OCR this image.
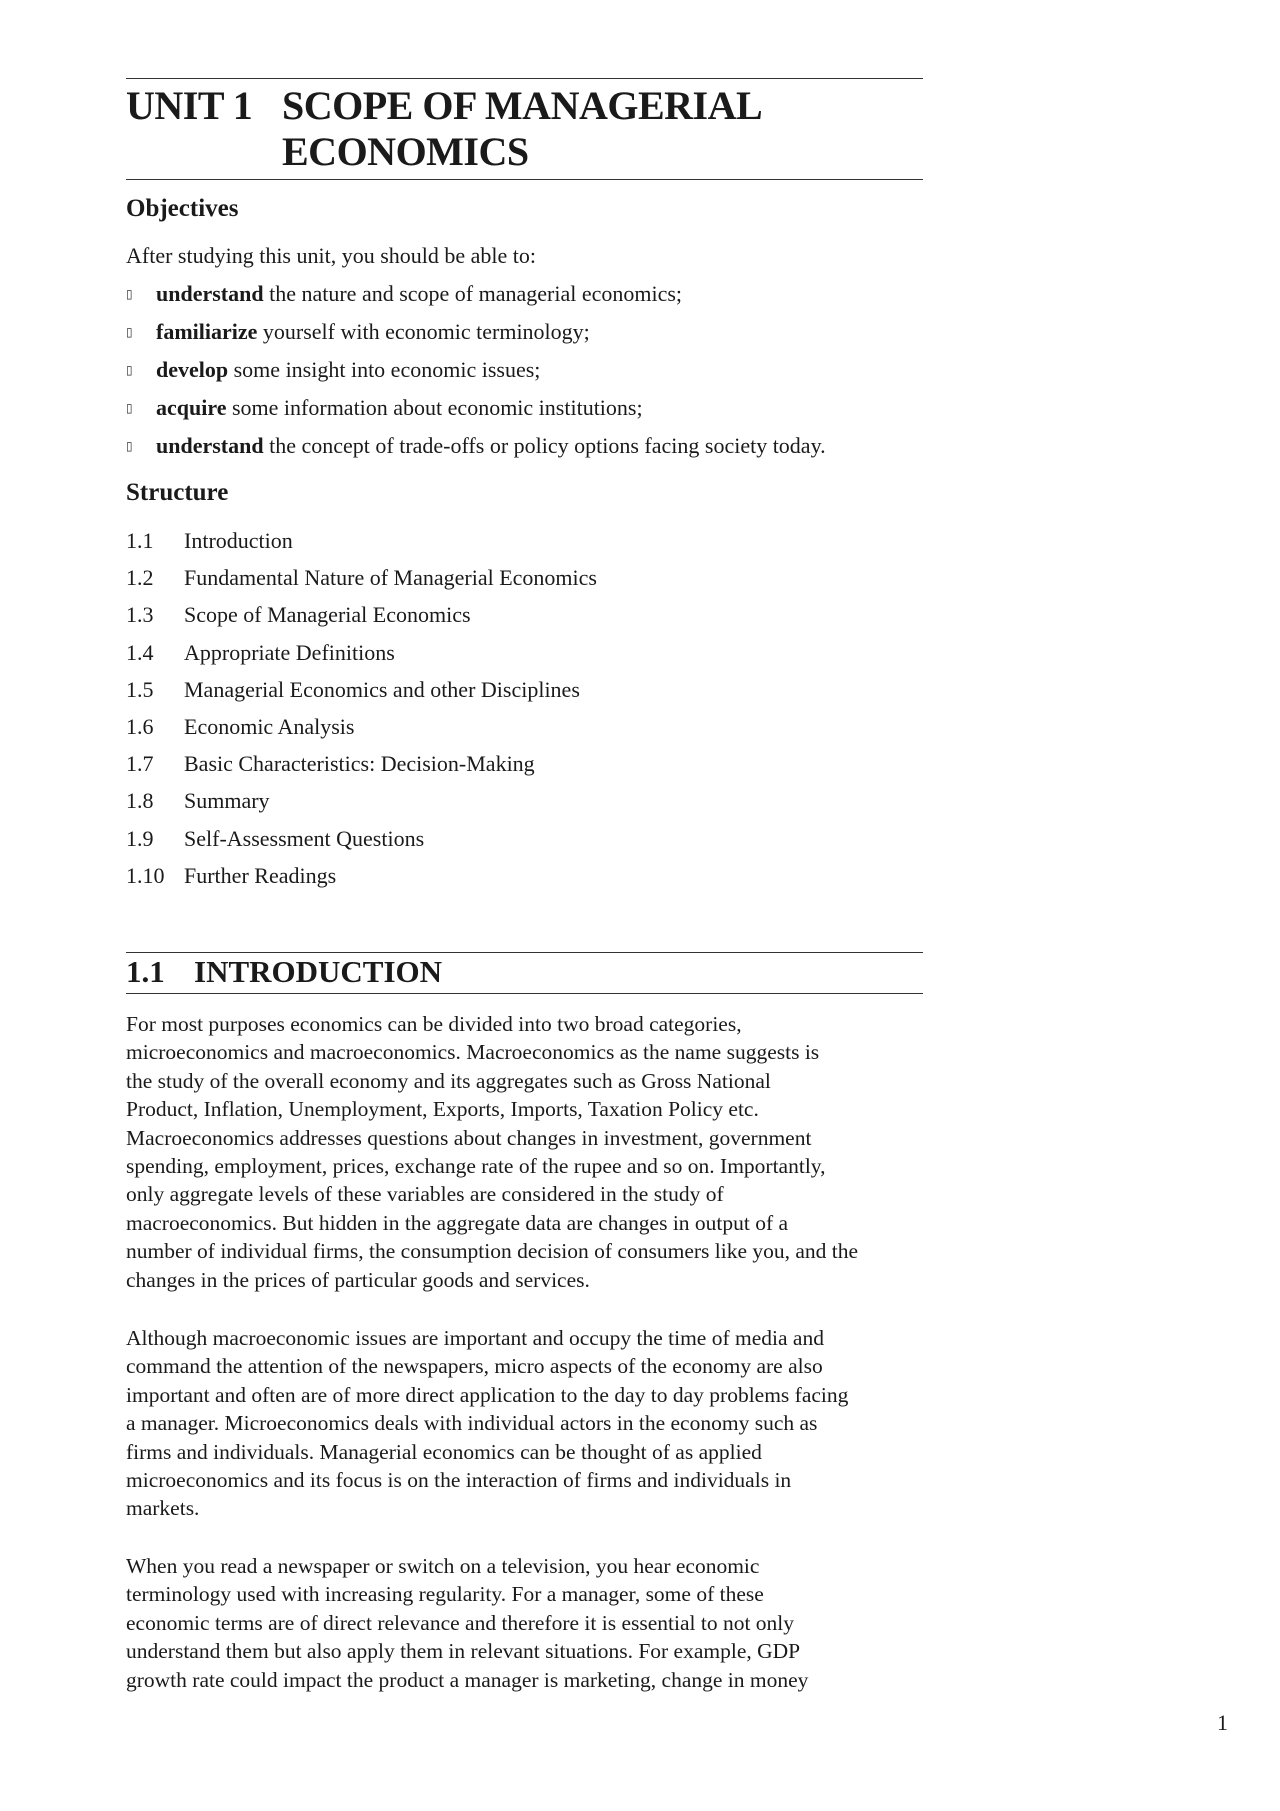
UNIT 1 SCOPE OF MANAGERIAL
ECONOMICS
Objectives
After studying this unit, you should be able to:
▯	understand the nature and scope of managerial economics;
▯	familiarize yourself with economic terminology;
▯	develop some insight into economic issues;
▯	acquire some information about economic institutions;
▯	understand the concept of trade-offs or policy options facing society today.
Structure
1.1	Introduction
1.2	Fundamental Nature of Managerial Economics
1.3	Scope of Managerial Economics
1.4	Appropriate Definitions
1.5	Managerial Economics and other Disciplines
1.6	Economic Analysis
1.7	Basic Characteristics: Decision-Making
1.8	Summary
1.9	Self-Assessment Questions
1.10 Further Readings
1.1 INTRODUCTION
For most purposes economics can be divided into two broad categories,
microeconomics and macroeconomics. Macroeconomics as the name suggests is
the study of the overall economy and its aggregates such as Gross National
Product, Inflation, Unemployment, Exports, Imports, Taxation Policy etc.
Macroeconomics addresses questions about changes in investment, government
spending, employment, prices, exchange rate of the rupee and so on. Importantly,
only aggregate levels of these variables are considered in the study of
macroeconomics. But hidden in the aggregate data are changes in output of a
number of individual firms, the consumption decision of consumers like you, and the
changes in the prices of particular goods and services.
Although macroeconomic issues are important and occupy the time of media and
command the attention of the newspapers, micro aspects of the economy are also
important and often are of more direct application to the day to day problems facing
a manager. Microeconomics deals with individual actors in the economy such as
firms and individuals. Managerial economics can be thought of as applied
microeconomics and its focus is on the interaction of firms and individuals in
markets.
When you read a newspaper or switch on a television, you hear economic
terminology used with increasing regularity. For a manager, some of these
economic terms are of direct relevance and therefore it is essential to not only
understand them but also apply them in relevant situations. For example, GDP
growth rate could impact the product a manager is marketing, change in money
1
